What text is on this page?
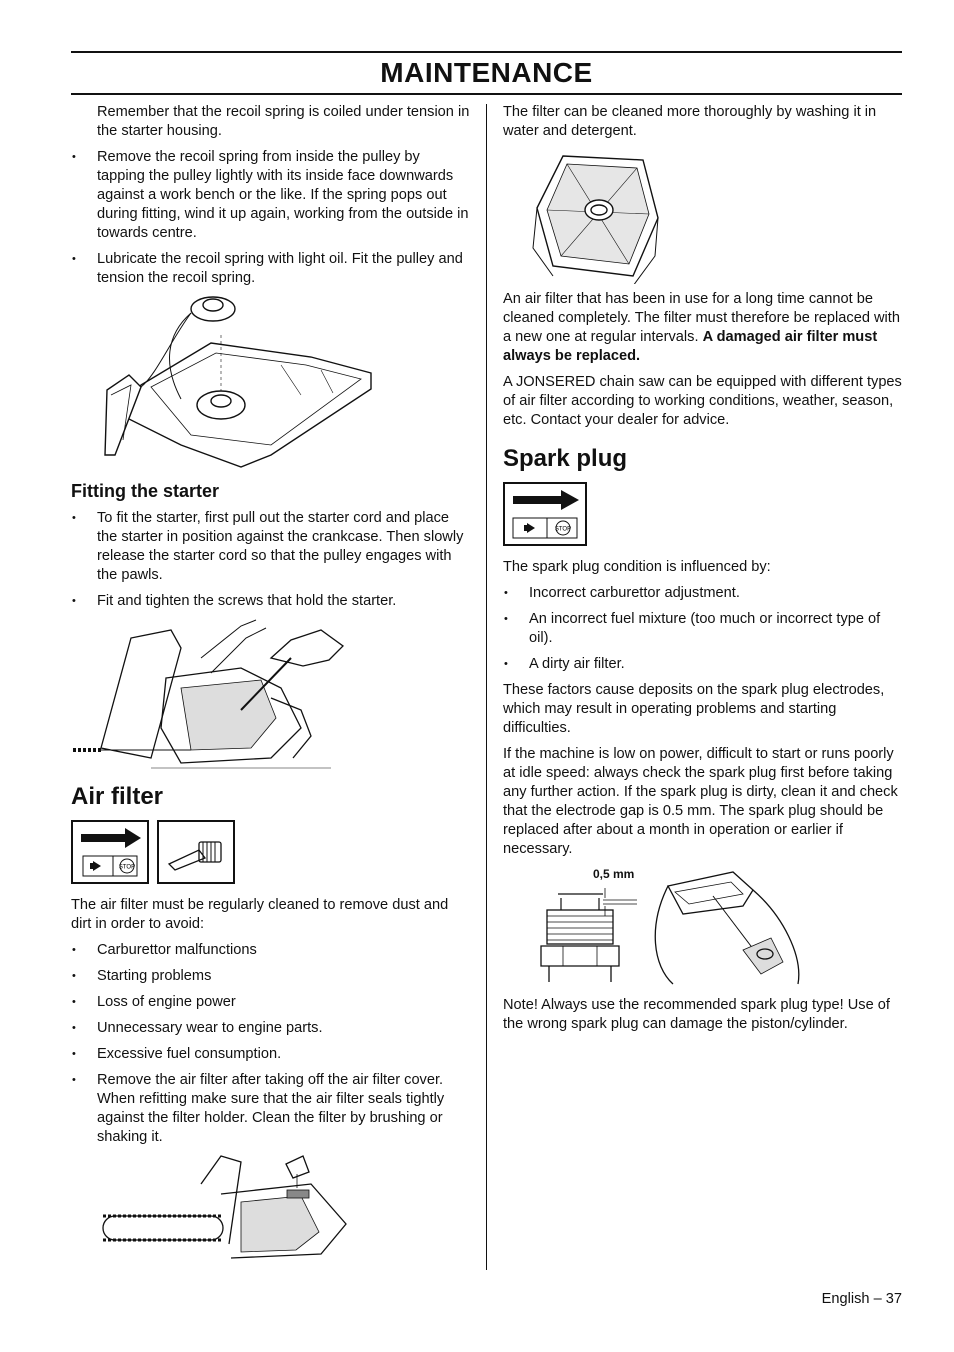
MAINTENANCE

Remember that the recoil spring is coiled under tension in the starter housing.

• Remove the recoil spring from inside the pulley by tapping the pulley lightly with its inside face downwards against a work bench or the like. If the spring pops out during fitting, wind it up again, working from the outside in towards centre.
• Lubricate the recoil spring with light oil. Fit the pulley and tension the recoil spring.
Fitting the starter
• To fit the starter, first pull out the starter cord and place the starter in position against the crankcase. Then slowly release the starter cord so that the pulley engages with the pawls.
• Fit and tighten the screws that hold the starter.
Air filter
STOP

The air filter must be regularly cleaned to remove dust and dirt in order to avoid:

• Carburettor malfunctions
• Starting problems
• Loss of engine power
• Unnecessary wear to engine parts.
• Excessive fuel consumption.
• Remove the air filter after taking off the air filter cover. When refitting make sure that the air filter seals tightly against the filter holder. Clean the filter by brushing or shaking it.

The filter can be cleaned more thoroughly by washing it in water and detergent.

An air filter that has been in use for a long time cannot be cleaned completely. The filter must therefore be replaced with a new one at regular intervals. A damaged air filter must always be replaced.

A JONSERED chain saw can be equipped with different types of air filter according to working conditions, weather, season, etc. Contact your dealer for advice.

Spark plug
STOP

The spark plug condition is influenced by:

• Incorrect carburettor adjustment.
• An incorrect fuel mixture (too much or incorrect type of oil).
• A dirty air filter.

These factors cause deposits on the spark plug electrodes, which may result in operating problems and starting difficulties.

If the machine is low on power, difficult to start or runs poorly at idle speed: always check the spark plug first before taking any further action. If the spark plug is dirty, clean it and check that the electrode gap is 0.5 mm. The spark plug should be replaced after about a month in operation or earlier if necessary.

0,5 mm

Note! Always use the recommended spark plug type! Use of the wrong spark plug can damage the piston/cylinder.

English – 37
